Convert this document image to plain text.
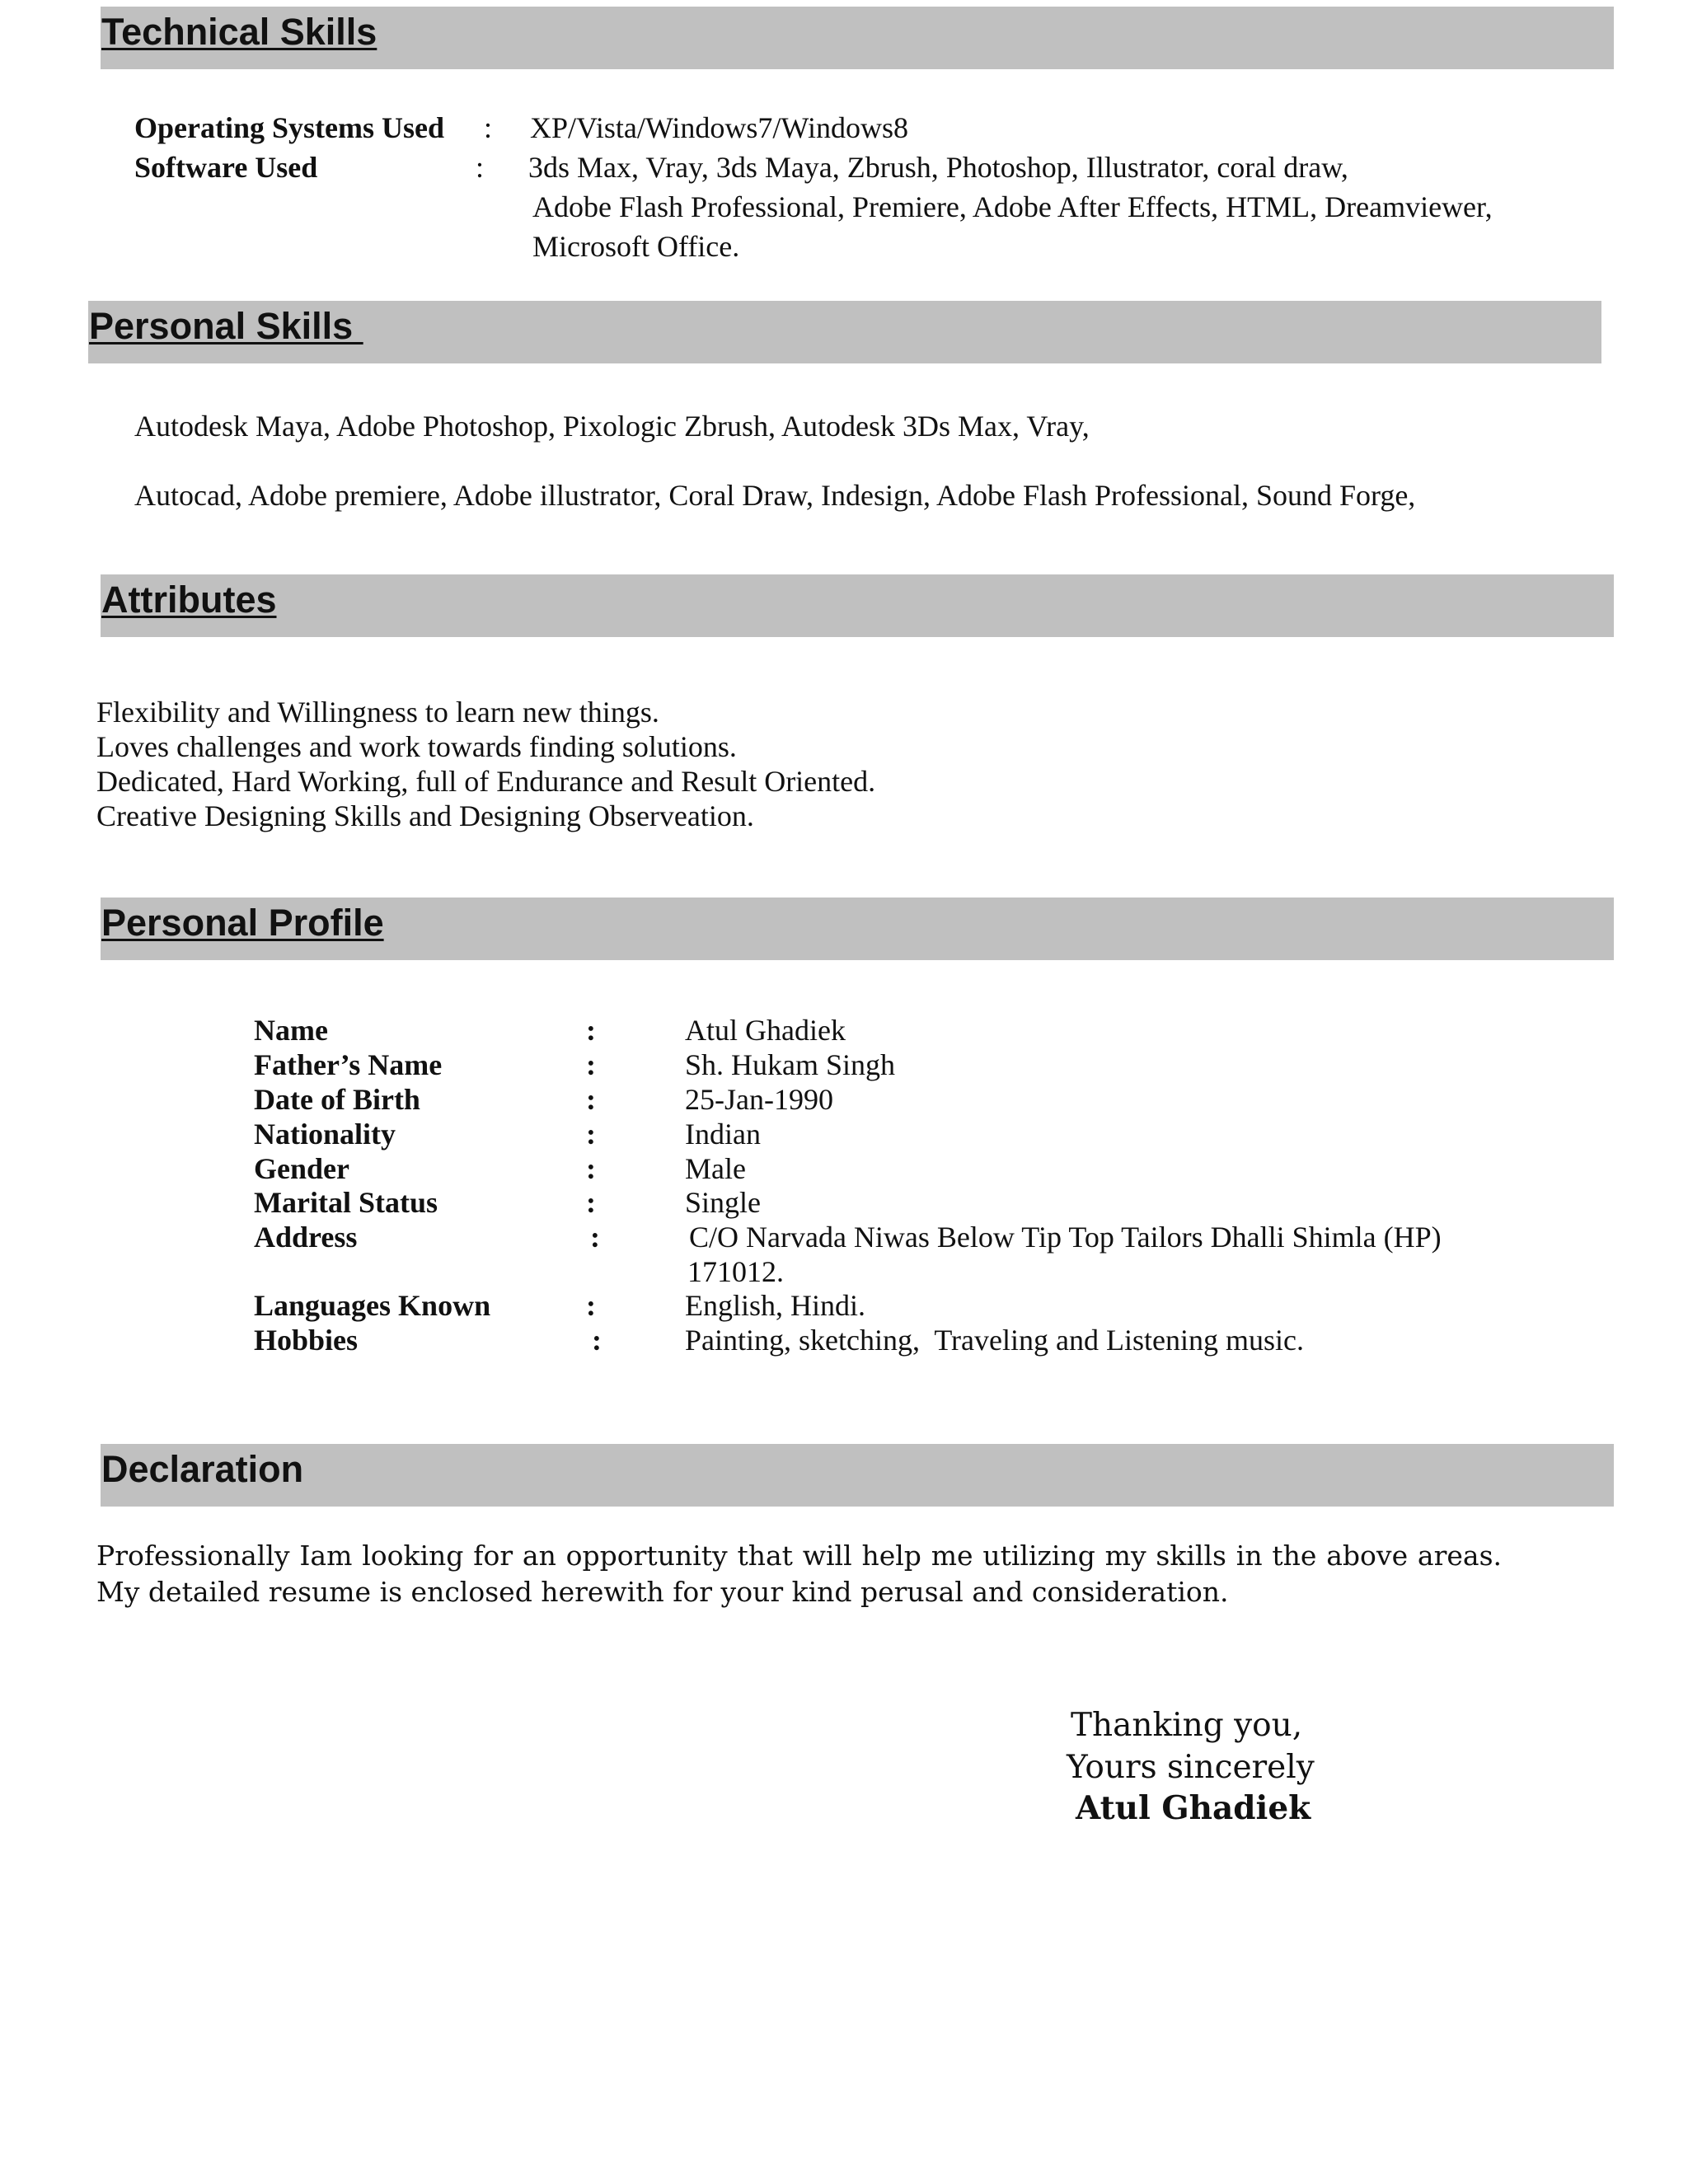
Technical Skills
Operating Systems Used : XP/Vista/Windows7/Windows8
Software Used	: 3ds Max, Vray, 3ds Maya, Zbrush, Photoshop, Illustrator, coral draw,
Adobe Flash Professional, Premiere, Adobe After Effects, HTML, Dreamviewer,
Microsoft Office.
Personal Skills
Autodesk Maya, Adobe Photoshop, Pixologic Zbrush, Autodesk 3Ds Max, Vray,
Autocad, Adobe premiere, Adobe illustrator, Coral Draw, Indesign, Adobe Flash Professional, Sound Forge,
Attributes
Flexibility and Willingness to learn new things.
Loves challenges and work towards finding solutions.
Dedicated, Hard Working, full of Endurance and Result Oriented.
Creative Designing Skills and Designing Observeation.
Personal Profile
Name	:	Atul Ghadiek
Father’s Name	:	Sh. Hukam Singh
Date of Birth	:	25-Jan-1990
Nationality	:	Indian
Gender	:	Male
Marital Status	:	Single
Address	:	C/O Narvada Niwas Below Tip Top Tailors Dhalli Shimla (HP)
171012.
Languages Known	:	English, Hindi.
Hobbies	:	Painting, sketching,  Traveling and Listening music.
Declaration
Professionally Iam looking for an opportunity that will help me utilizing my skills in the above areas. My detailed resume is enclosed herewith for your kind perusal and consideration.
Thanking you,
Yours sincerely
Atul Ghadiek
